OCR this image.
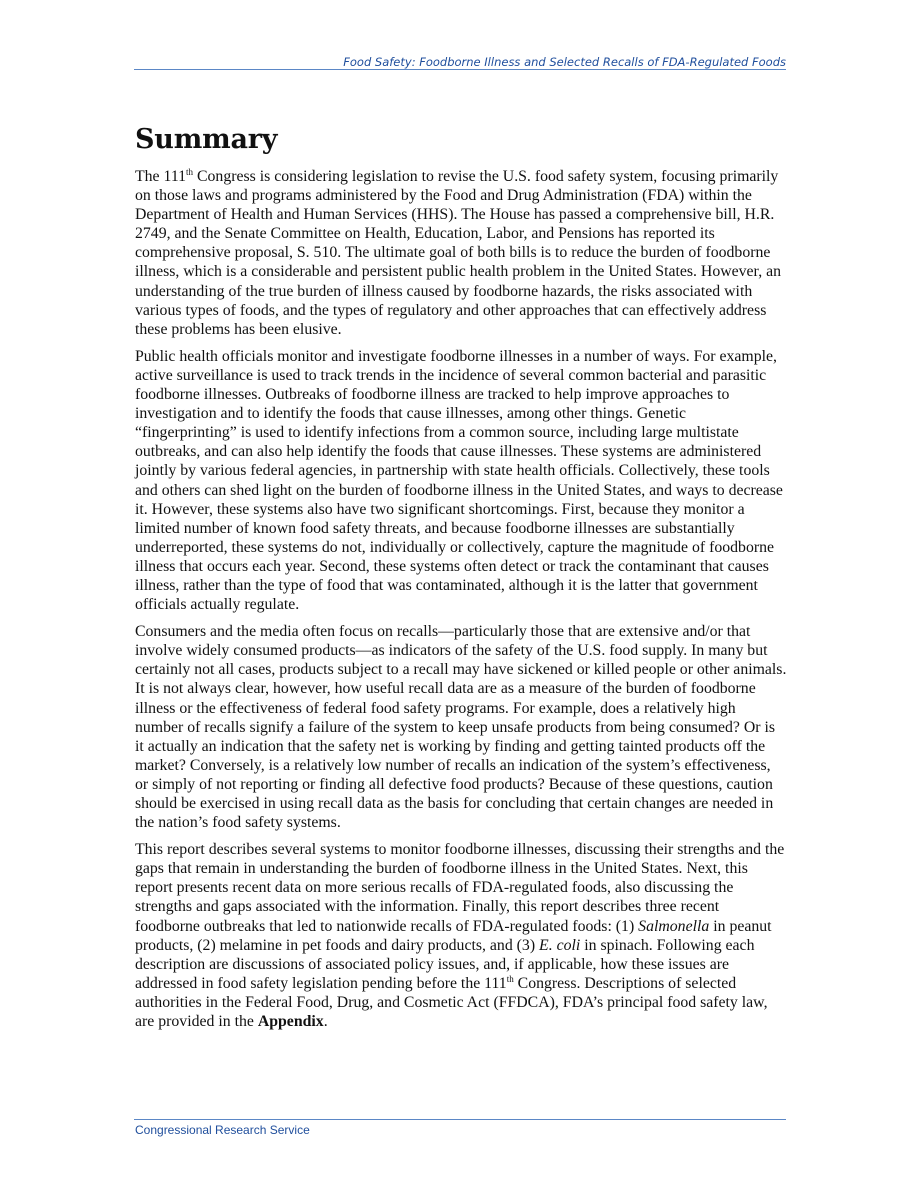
Food Safety: Foodborne Illness and Selected Recalls of FDA-Regulated Foods
Summary

The 111th Congress is considering legislation to revise the U.S. food safety system, focusing primarily on those laws and programs administered by the Food and Drug Administration (FDA) within the Department of Health and Human Services (HHS). The House has passed a comprehensive bill, H.R. 2749, and the Senate Committee on Health, Education, Labor, and Pensions has reported its comprehensive proposal, S. 510. The ultimate goal of both bills is to reduce the burden of foodborne illness, which is a considerable and persistent public health problem in the United States. However, an understanding of the true burden of illness caused by foodborne hazards, the risks associated with various types of foods, and the types of regulatory and other approaches that can effectively address these problems has been elusive.

Public health officials monitor and investigate foodborne illnesses in a number of ways. For example, active surveillance is used to track trends in the incidence of several common bacterial and parasitic foodborne illnesses. Outbreaks of foodborne illness are tracked to help improve approaches to investigation and to identify the foods that cause illnesses, among other things. Genetic “fingerprinting” is used to identify infections from a common source, including large multistate outbreaks, and can also help identify the foods that cause illnesses. These systems are administered jointly by various federal agencies, in partnership with state health officials. Collectively, these tools and others can shed light on the burden of foodborne illness in the United States, and ways to decrease it. However, these systems also have two significant shortcomings. First, because they monitor a limited number of known food safety threats, and because foodborne illnesses are substantially underreported, these systems do not, individually or collectively, capture the magnitude of foodborne illness that occurs each year. Second, these systems often detect or track the contaminant that causes illness, rather than the type of food that was contaminated, although it is the latter that government officials actually regulate.

Consumers and the media often focus on recalls—particularly those that are extensive and/or that involve widely consumed products—as indicators of the safety of the U.S. food supply. In many but certainly not all cases, products subject to a recall may have sickened or killed people or other animals. It is not always clear, however, how useful recall data are as a measure of the burden of foodborne illness or the effectiveness of federal food safety programs. For example, does a relatively high number of recalls signify a failure of the system to keep unsafe products from being consumed? Or is it actually an indication that the safety net is working by finding and getting tainted products off the market? Conversely, is a relatively low number of recalls an indication of the system’s effectiveness, or simply of not reporting or finding all defective food products? Because of these questions, caution should be exercised in using recall data as the basis for concluding that certain changes are needed in the nation’s food safety systems.

This report describes several systems to monitor foodborne illnesses, discussing their strengths and the gaps that remain in understanding the burden of foodborne illness in the United States. Next, this report presents recent data on more serious recalls of FDA-regulated foods, also discussing the strengths and gaps associated with the information. Finally, this report describes three recent foodborne outbreaks that led to nationwide recalls of FDA-regulated foods: (1) Salmonella in peanut products, (2) melamine in pet foods and dairy products, and (3) E. coli in spinach. Following each description are discussions of associated policy issues, and, if applicable, how these issues are addressed in food safety legislation pending before the 111th Congress. Descriptions of selected authorities in the Federal Food, Drug, and Cosmetic Act (FFDCA), FDA’s principal food safety law, are provided in the Appendix.

Congressional Research Service
